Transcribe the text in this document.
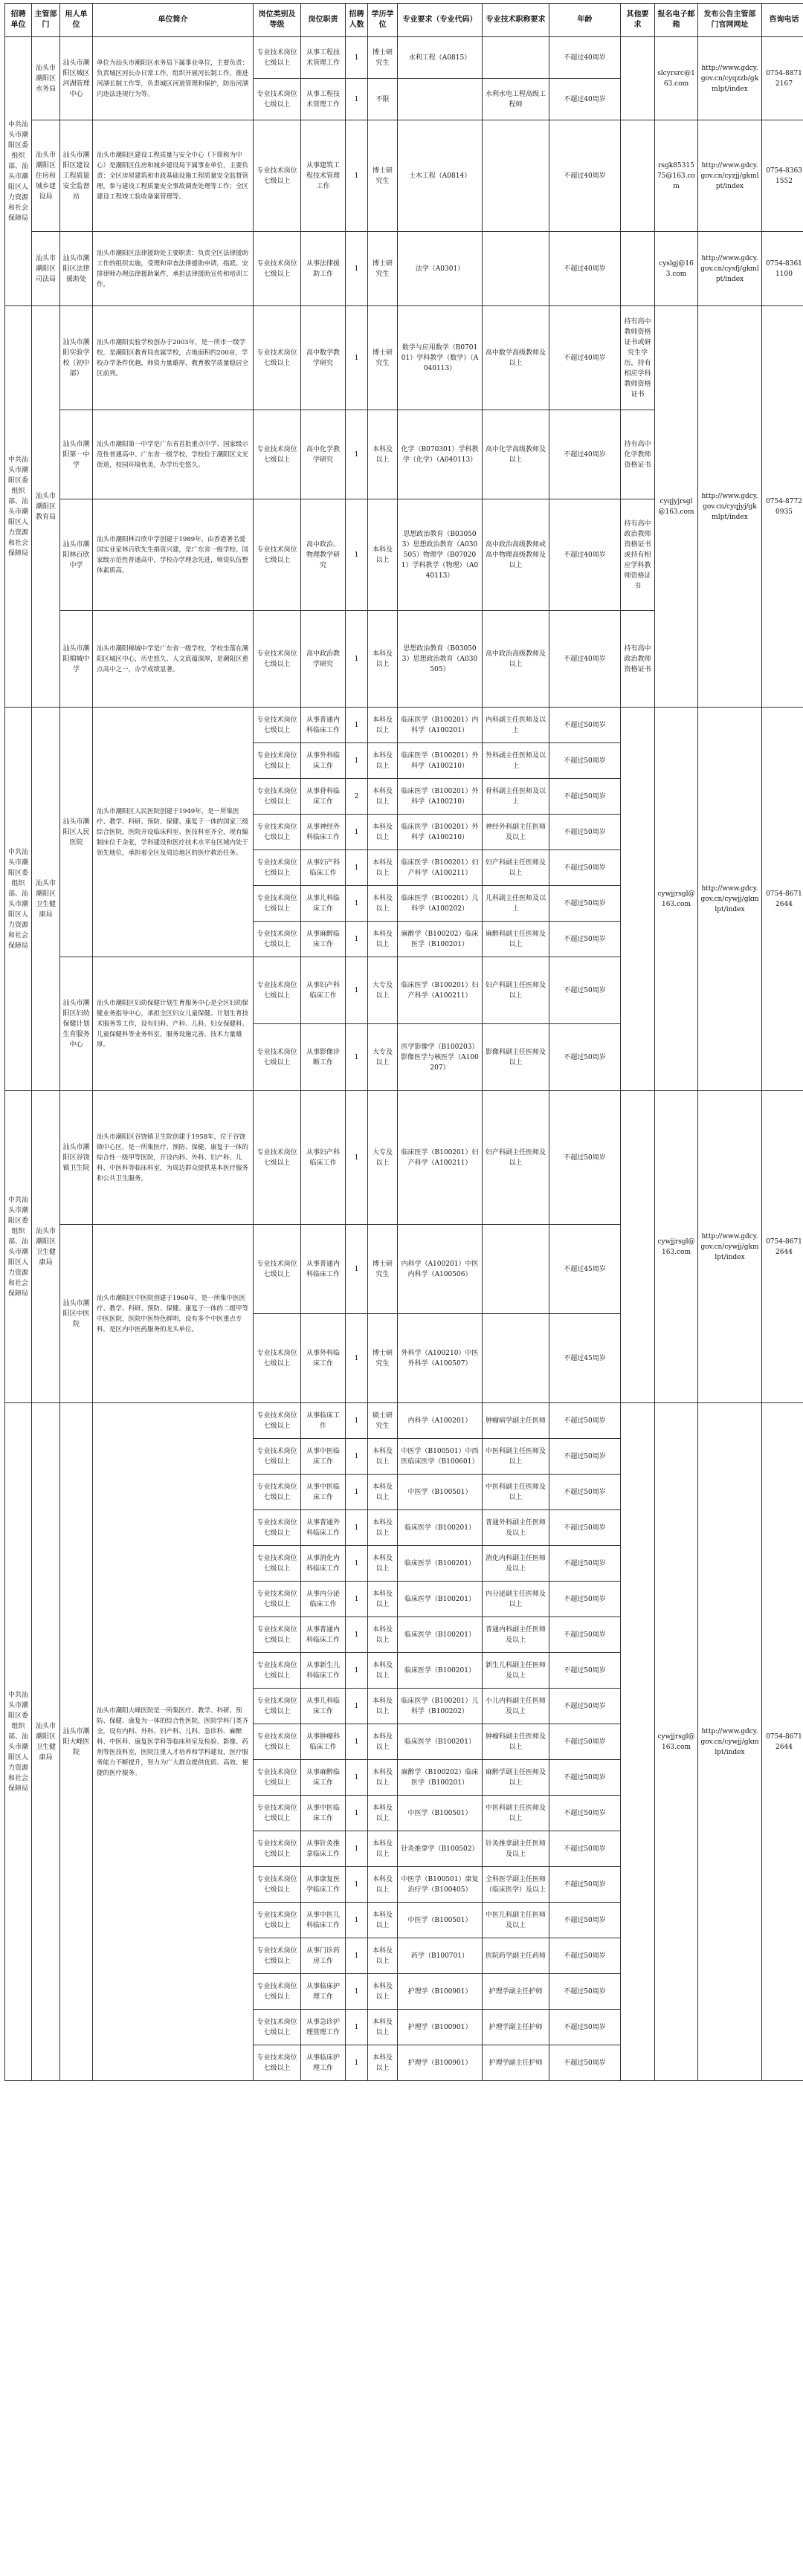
招聘单位	主管部门	用人单位	单位简介	岗位类别及等级	岗位职责	招聘人数	学历学位	专业要求（专业代码）	专业技术职称要求	年龄	其他要求	报名电子邮箱	发布公告主管部门官网网址	咨询电话
中共汕头市潮阳区委组织部、汕头市潮阳区人力资源和社会保障局	汕头市潮阳区水务局	汕头市潮阳区城区河湖管理中心	单位为汕头市潮阳区水务局下属事业单位，主要负责：负责城区河长办日常工作，组织开展河长制工作，推进河湖长制工作等，负责城区河道管理和保护，防治河湖内违法违规行为等。	专业技术岗位七级以上	从事工程技术管理工作	1	博士研究生	水利工程（A0815）		不超过40周岁		slcyrsrc@163.com	http://www.gdcy.gov.cn/cyqzzb/gkmlpt/index	0754-88712167
				专业技术岗位七级以上	从事工程技术管理工作	1	不限		水利水电工程高级工程师	不超过40周岁				
	汕头市潮阳区住房和城乡建设局	汕头市潮阳区建设工程质量安全监督站	汕头市潮阳区建设工程质量与安全中心（下简称为中心）是潮阳区住房和城乡建设局下属事业单位，主要负责：全区房屋建筑和市政基础设施工程质量安全监督管理，参与建设工程质量安全事故调查处理等工作；全区建设工程竣工验收备案管理等。	专业技术岗位七级以上	从事建筑工程技术管理工作	1	博士研究生	土木工程（A0814）		不超过40周岁		rsgk8531575@163.com	http://www.gdcy.gov.cn/cyzjj/gkmlpt/index	0754-83631552
	汕头市潮阳区司法局	汕头市潮阳区法律援助处	汕头市潮阳区法律援助处主要职责：负责全区法律援助工作的组织实施，受理和审查法律援助申请，指派、安排律师办理法律援助案件，承担法律援助宣传和培训工作。	专业技术岗位七级以上	从事法律援助工作	1	博士研究生	法学（A0301）		不超过40周岁		cyslgj@163.com	http://www.gdcy.gov.cn/cysfj/gkmlpt/index	0754-83611100
中共汕头市潮阳区委组织部、汕头市潮阳区人力资源和社会保障局	汕头市潮阳区教育局	汕头市潮阳实验学校（初中部）	汕头市潮阳实验学校创办于2003年，是一所市一级学校，是潮阳区教育局直属学校，占地面积约200亩，学校办学条件优越，师资力量雄厚，教育教学质量稳居全区前列。	专业技术岗位七级以上	高中数学教学研究	1	博士研究生	数学与应用数学（B070101）学科教学（数学）（A040113）	高中数学高级教师及以上	不超过40周岁	持有高中教师资格证书或研究生学历，持有相应学科教师资格证书	cyqjyjrsgl@163.com	http://www.gdcy.gov.cn/cyqjyj/gkmlpt/index	0754-87720935
		汕头市潮阳第一中学	汕头市潮阳第一中学是广东省首批重点中学、国家级示范性普通高中、广东省一级学校，学校位于潮阳区文光街道，校园环境优美，办学历史悠久。	专业技术岗位七级以上	高中化学教学研究	1	本科及以上	化学（B070301）学科教学（化学）（A040113）	高中化学高级教师及以上	不超过40周岁	持有高中化学教师资格证书			
		汕头市潮阳林百欣中学	汕头市潮阳林百欣中学创建于1989年，由香港著名爱国实业家林百欣先生捐资兴建，是广东省一级学校、国家级示范性普通高中，学校办学理念先进，师资队伍整体素质高。	专业技术岗位七级以上	高中政治、物理教学研究	1	本科及以上	思想政治教育（B030503）思想政治教育（A030505）物理学（B070201）学科教学（物理）（A040113）	高中政治高级教师或高中物理高级教师及以上	不超过40周岁	持有高中政治教师资格证书或持有相应学科教师资格证书			
		汕头市潮阳棉城中学	汕头市潮阳棉城中学是广东省一级学校，学校坐落在潮阳区城区中心，历史悠久、人文底蕴深厚，是潮阳区重点高中之一，办学成绩显著。	专业技术岗位七级以上	高中政治教学研究	1	本科及以上	思想政治教育（B030503）思想政治教育（A030505）	高中政治高级教师及以上	不超过40周岁	持有高中政治教师资格证书			
中共汕头市潮阳区委组织部、汕头市潮阳区人力资源和社会保障局	汕头市潮阳区卫生健康局	汕头市潮阳区人民医院	汕头市潮阳区人民医院创建于1949年，是一所集医疗、教学、科研、预防、保健、康复于一体的国家三级综合医院，医院开设临床科室、医技科室齐全，现有编制床位千余张，学科建设和医疗技术水平在区域内处于领先地位，承担着全区及周边地区的医疗救治任务。	专业技术岗位七级以上	从事普通内科临床工作	1	本科及以上	临床医学（B100201）内科学（A100201）	内科副主任医师及以上	不超过50周岁		cywjjrsgl@163.com	http://www.gdcy.gov.cn/cywjj/gkmlpt/index	0754-86712644
				专业技术岗位七级以上	从事外科临床工作	1	本科及以上	临床医学（B100201）外科学（A100210）	外科副主任医师及以上	不超过50周岁				
				专业技术岗位七级以上	从事骨科临床工作	2	本科及以上	临床医学（B100201）外科学（A100210）	骨科副主任医师及以上	不超过50周岁				
				专业技术岗位七级以上	从事神经外科临床工作	1	本科及以上	临床医学（B100201）外科学（A100210）	神经外科副主任医师及以上	不超过50周岁				
				专业技术岗位七级以上	从事妇产科临床工作	1	本科及以上	临床医学（B100201）妇产科学（A100211）	妇产科副主任医师及以上	不超过50周岁				
				专业技术岗位七级以上	从事儿科临床工作	1	本科及以上	临床医学（B100201）儿科学（A100202）	儿科副主任医师及以上	不超过50周岁				
				专业技术岗位七级以上	从事麻醉临床工作	1	本科及以上	麻醉学（B100202）临床医学（B100201）	麻醉科副主任医师及以上	不超过50周岁				
		汕头市潮阳区妇幼保健计划生育服务中心	汕头市潮阳区妇幼保健计划生育服务中心是全区妇幼保健业务指导中心，承担全区妇女儿童保健、计划生育技术服务等工作，设有妇科、产科、儿科、妇女保健科、儿童保健科等业务科室，服务设施完善，技术力量雄厚。	专业技术岗位七级以上	从事妇产科临床工作	1	大专及以上	临床医学（B100201）妇产科学（A100211）	妇产科副主任医师及以上	不超过50周岁				
				专业技术岗位七级以上	从事影像诊断工作	1	大专及以上	医学影像学（B100203）影像医学与核医学（A100207）	影像科副主任医师及以上	不超过50周岁				
中共汕头市潮阳区委组织部、汕头市潮阳区人力资源和社会保障局	汕头市潮阳区卫生健康局	汕头市潮阳区谷饶镇卫生院	汕头市潮阳区谷饶镇卫生院创建于1958年，位于谷饶镇中心区，是一所集医疗、预防、保健、康复于一体的综合性一级甲等医院，开设内科、外科、妇产科、儿科、中医科等临床科室，为周边群众提供基本医疗服务和公共卫生服务。	专业技术岗位七级以上	从事妇产科临床工作	1	大专及以上	临床医学（B100201）妇产科学（A100211）	妇产科副主任医师及以上	不超过50周岁		cywjjrsgl@163.com	http://www.gdcy.gov.cn/cywjj/gkmlpt/index	0754-86712644
		汕头市潮阳区中医院	汕头市潮阳区中医院创建于1960年，是一所集中医医疗、教学、科研、预防、保健、康复于一体的二级甲等中医医院，医院中医特色鲜明，设有多个中医重点专科，是区内中医药服务的龙头单位。	专业技术岗位七级以上	从事普通内科临床工作	1	博士研究生	内科学（A100201）中医内科学（A100506）		不超过45周岁				
				专业技术岗位七级以上	从事外科临床工作	1	博士研究生	外科学（A100210）中医外科学（A100507）		不超过45周岁				
中共汕头市潮阳区委组织部、汕头市潮阳区人力资源和社会保障局	汕头市潮阳区卫生健康局	汕头市潮阳大峰医院	汕头市潮阳大峰医院是一所集医疗、教学、科研、预防、保健、康复为一体的综合性医院，医院学科门类齐全，设有内科、外科、妇产科、儿科、急诊科、麻醉科、中医科、康复医学科等临床科室及检验、影像、药剂等医技科室，医院注重人才培养和学科建设，医疗服务能力不断提升，努力为广大群众提供优质、高效、便捷的医疗服务。	专业技术岗位七级以上	从事临床工作	1	硕士研究生	内科学（A100201）	肿瘤病学副主任医师	不超过50周岁		cywjjrsgl@163.com	http://www.gdcy.gov.cn/cywjj/gkmlpt/index	0754-86712644
				专业技术岗位七级以上	从事中医临床工作	1	本科及以上	中医学（B100501）中西医临床医学（B100601）	中医科副主任医师及以上	不超过50周岁				
				专业技术岗位七级以上	从事中医临床工作	1	本科及以上	中医学（B100501）	中医科副主任医师及以上	不超过50周岁				
				专业技术岗位七级以上	从事普通外科临床工作	1	本科及以上	临床医学（B100201）	普通外科副主任医师及以上	不超过50周岁				
				专业技术岗位七级以上	从事消化内科临床工作	1	本科及以上	临床医学（B100201）	消化内科副主任医师及以上	不超过50周岁				
				专业技术岗位七级以上	从事内分泌临床工作	1	本科及以上	临床医学（B100201）	内分泌副主任医师及以上	不超过50周岁				
				专业技术岗位七级以上	从事普通内科临床工作	1	本科及以上	临床医学（B100201）	普通内科副主任医师及以上	不超过50周岁				
				专业技术岗位七级以上	从事新生儿科临床工作	1	本科及以上	临床医学（B100201）	新生儿科副主任医师及以上	不超过50周岁				
				专业技术岗位七级以上	从事儿科临床工作	1	本科及以上	临床医学（B100201）儿科学（B100202）	小儿内科副主任医师及以上	不超过50周岁				
				专业技术岗位七级以上	从事肿瘤科临床工作	1	本科及以上	临床医学（B100201）	肿瘤科副主任医师及以上	不超过50周岁				
				专业技术岗位七级以上	从事麻醉临床工作	1	本科及以上	麻醉学（B100202）临床医学（B100201）	麻醉学副主任医师及以上	不超过50周岁				
				专业技术岗位七级以上	从事中医临床工作	1	本科及以上	中医学（B100501）	中医科副主任医师及以上	不超过50周岁				
				专业技术岗位七级以上	从事针灸推拿临床工作	1	本科及以上	针灸推拿学（B100502）	针灸推拿副主任医师及以上	不超过50周岁				
				专业技术岗位七级以上	从事康复医学临床工作	1	本科及以上	中医学（B100501）康复治疗学（B100405）	全科医学副主任医师（临床医学）及以上	不超过50周岁				
				专业技术岗位七级以上	从事中医儿科临床工作	1	本科及以上	中医学（B100501）	中医儿科副主任医师及以上	不超过50周岁				
				专业技术岗位七级以上	从事门诊药房工作	1	本科及以上	药学（B100701）	医院药学副主任药师	不超过50周岁				
				专业技术岗位七级以上	从事临床护理工作	1	本科及以上	护理学（B100901）	护理学副主任护师	不超过50周岁				
				专业技术岗位七级以上	从事急诊护理管理工作	1	本科及以上	护理学（B100901）	护理学副主任护师	不超过50周岁				
				专业技术岗位七级以上	从事临床护理工作	1	本科及以上	护理学（B100901）	护理学副主任护师	不超过50周岁				
